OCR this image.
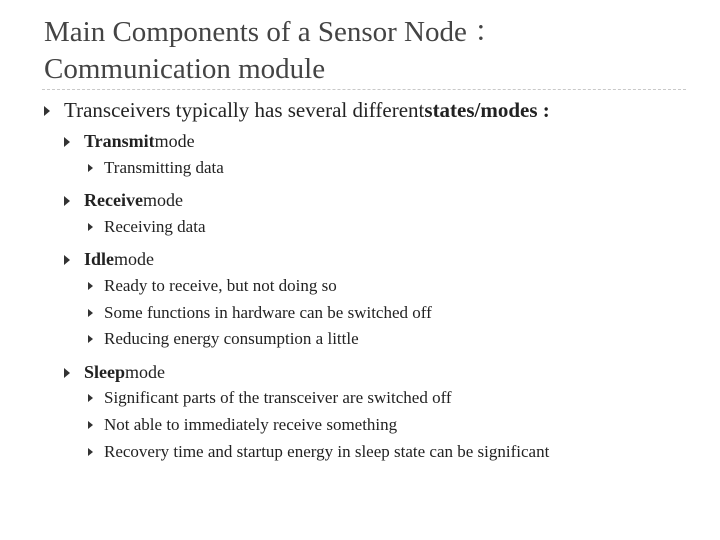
Main Components of a Sensor Node ：
Communication module
Transceivers typically has several different states/modes :
Transmit mode
Transmitting data
Receive mode
Receiving data
Idle mode
Ready to receive, but not doing so
Some functions in hardware can be switched off
Reducing energy consumption a little
Sleep mode
Significant parts of the transceiver are switched off
Not able to immediately receive something
Recovery time and startup energy in sleep state can be significant
